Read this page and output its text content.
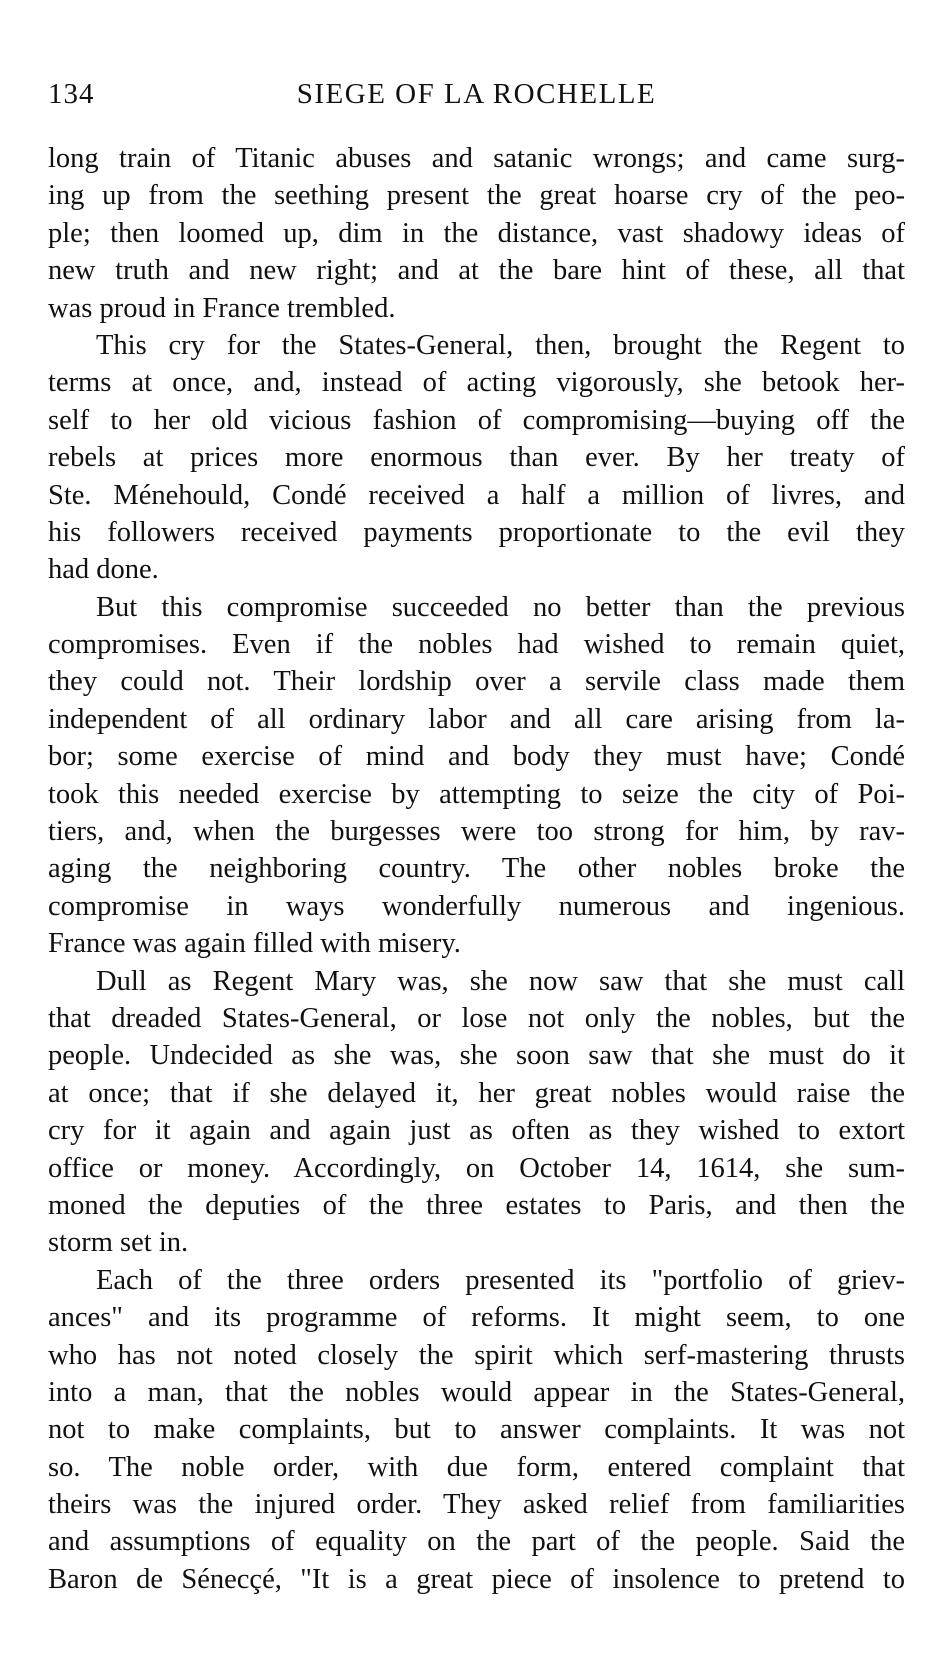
134	SIEGE OF LA ROCHELLE
long train of Titanic abuses and satanic wrongs; and came surg-
ing up from the seething present the great hoarse cry of the peo-
ple; then loomed up, dim in the distance, vast shadowy ideas of
new truth and new right; and at the bare hint of these, all that
was proud in France trembled.
This cry for the States-General, then, brought the Regent to
terms at once, and, instead of acting vigorously, she betook her-
self to her old vicious fashion of compromising—buying off the
rebels at prices more enormous than ever. By her treaty of
Ste. Ménehould, Condé received a half a million of livres, and
his followers received payments proportionate to the evil they
had done.
But this compromise succeeded no better than the previous
compromises. Even if the nobles had wished to remain quiet,
they could not. Their lordship over a servile class made them
independent of all ordinary labor and all care arising from la-
bor; some exercise of mind and body they must have; Condé
took this needed exercise by attempting to seize the city of Poi-
tiers, and, when the burgesses were too strong for him, by rav-
aging the neighboring country. The other nobles broke the
compromise in ways wonderfully numerous and ingenious.
France was again filled with misery.
Dull as Regent Mary was, she now saw that she must call
that dreaded States-General, or lose not only the nobles, but the
people. Undecided as she was, she soon saw that she must do it
at once; that if she delayed it, her great nobles would raise the
cry for it again and again just as often as they wished to extort
office or money. Accordingly, on October 14, 1614, she sum-
moned the deputies of the three estates to Paris, and then the
storm set in.
Each of the three orders presented its "portfolio of griev-
ances" and its programme of reforms. It might seem, to one
who has not noted closely the spirit which serf-mastering thrusts
into a man, that the nobles would appear in the States-General,
not to make complaints, but to answer complaints. It was not
so. The noble order, with due form, entered complaint that
theirs was the injured order. They asked relief from familiarities
and assumptions of equality on the part of the people. Said the
Baron de Sénecçé, "It is a great piece of insolence to pretend to
